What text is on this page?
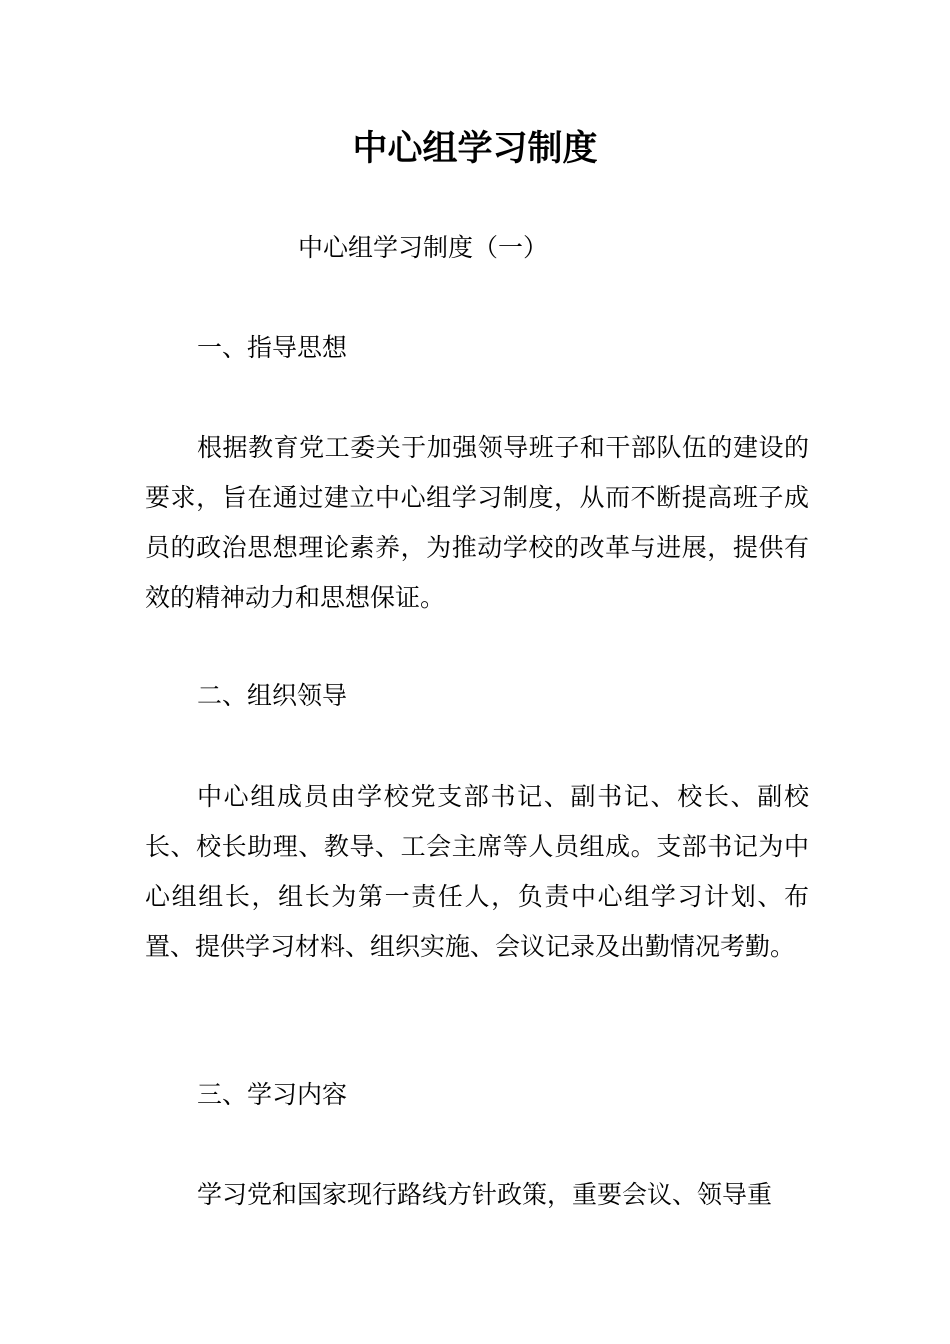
中心组学习制度

中心组学习制度（一）

一、指导思想

根据教育党工委关于加强领导班子和干部队伍的建设的要求，旨在通过建立中心组学习制度，从而不断提高班子成员的政治思想理论素养，为推动学校的改革与进展，提供有效的精神动力和思想保证。

二、组织领导

中心组成员由学校党支部书记、副书记、校长、副校长、校长助理、教导、工会主席等人员组成。支部书记为中心组组长，组长为第一责任人，负责中心组学习计划、布置、提供学习材料、组织实施、会议记录及出勤情况考勤。

三、学习内容

学习党和国家现行路线方针政策，重要会议、领导重
